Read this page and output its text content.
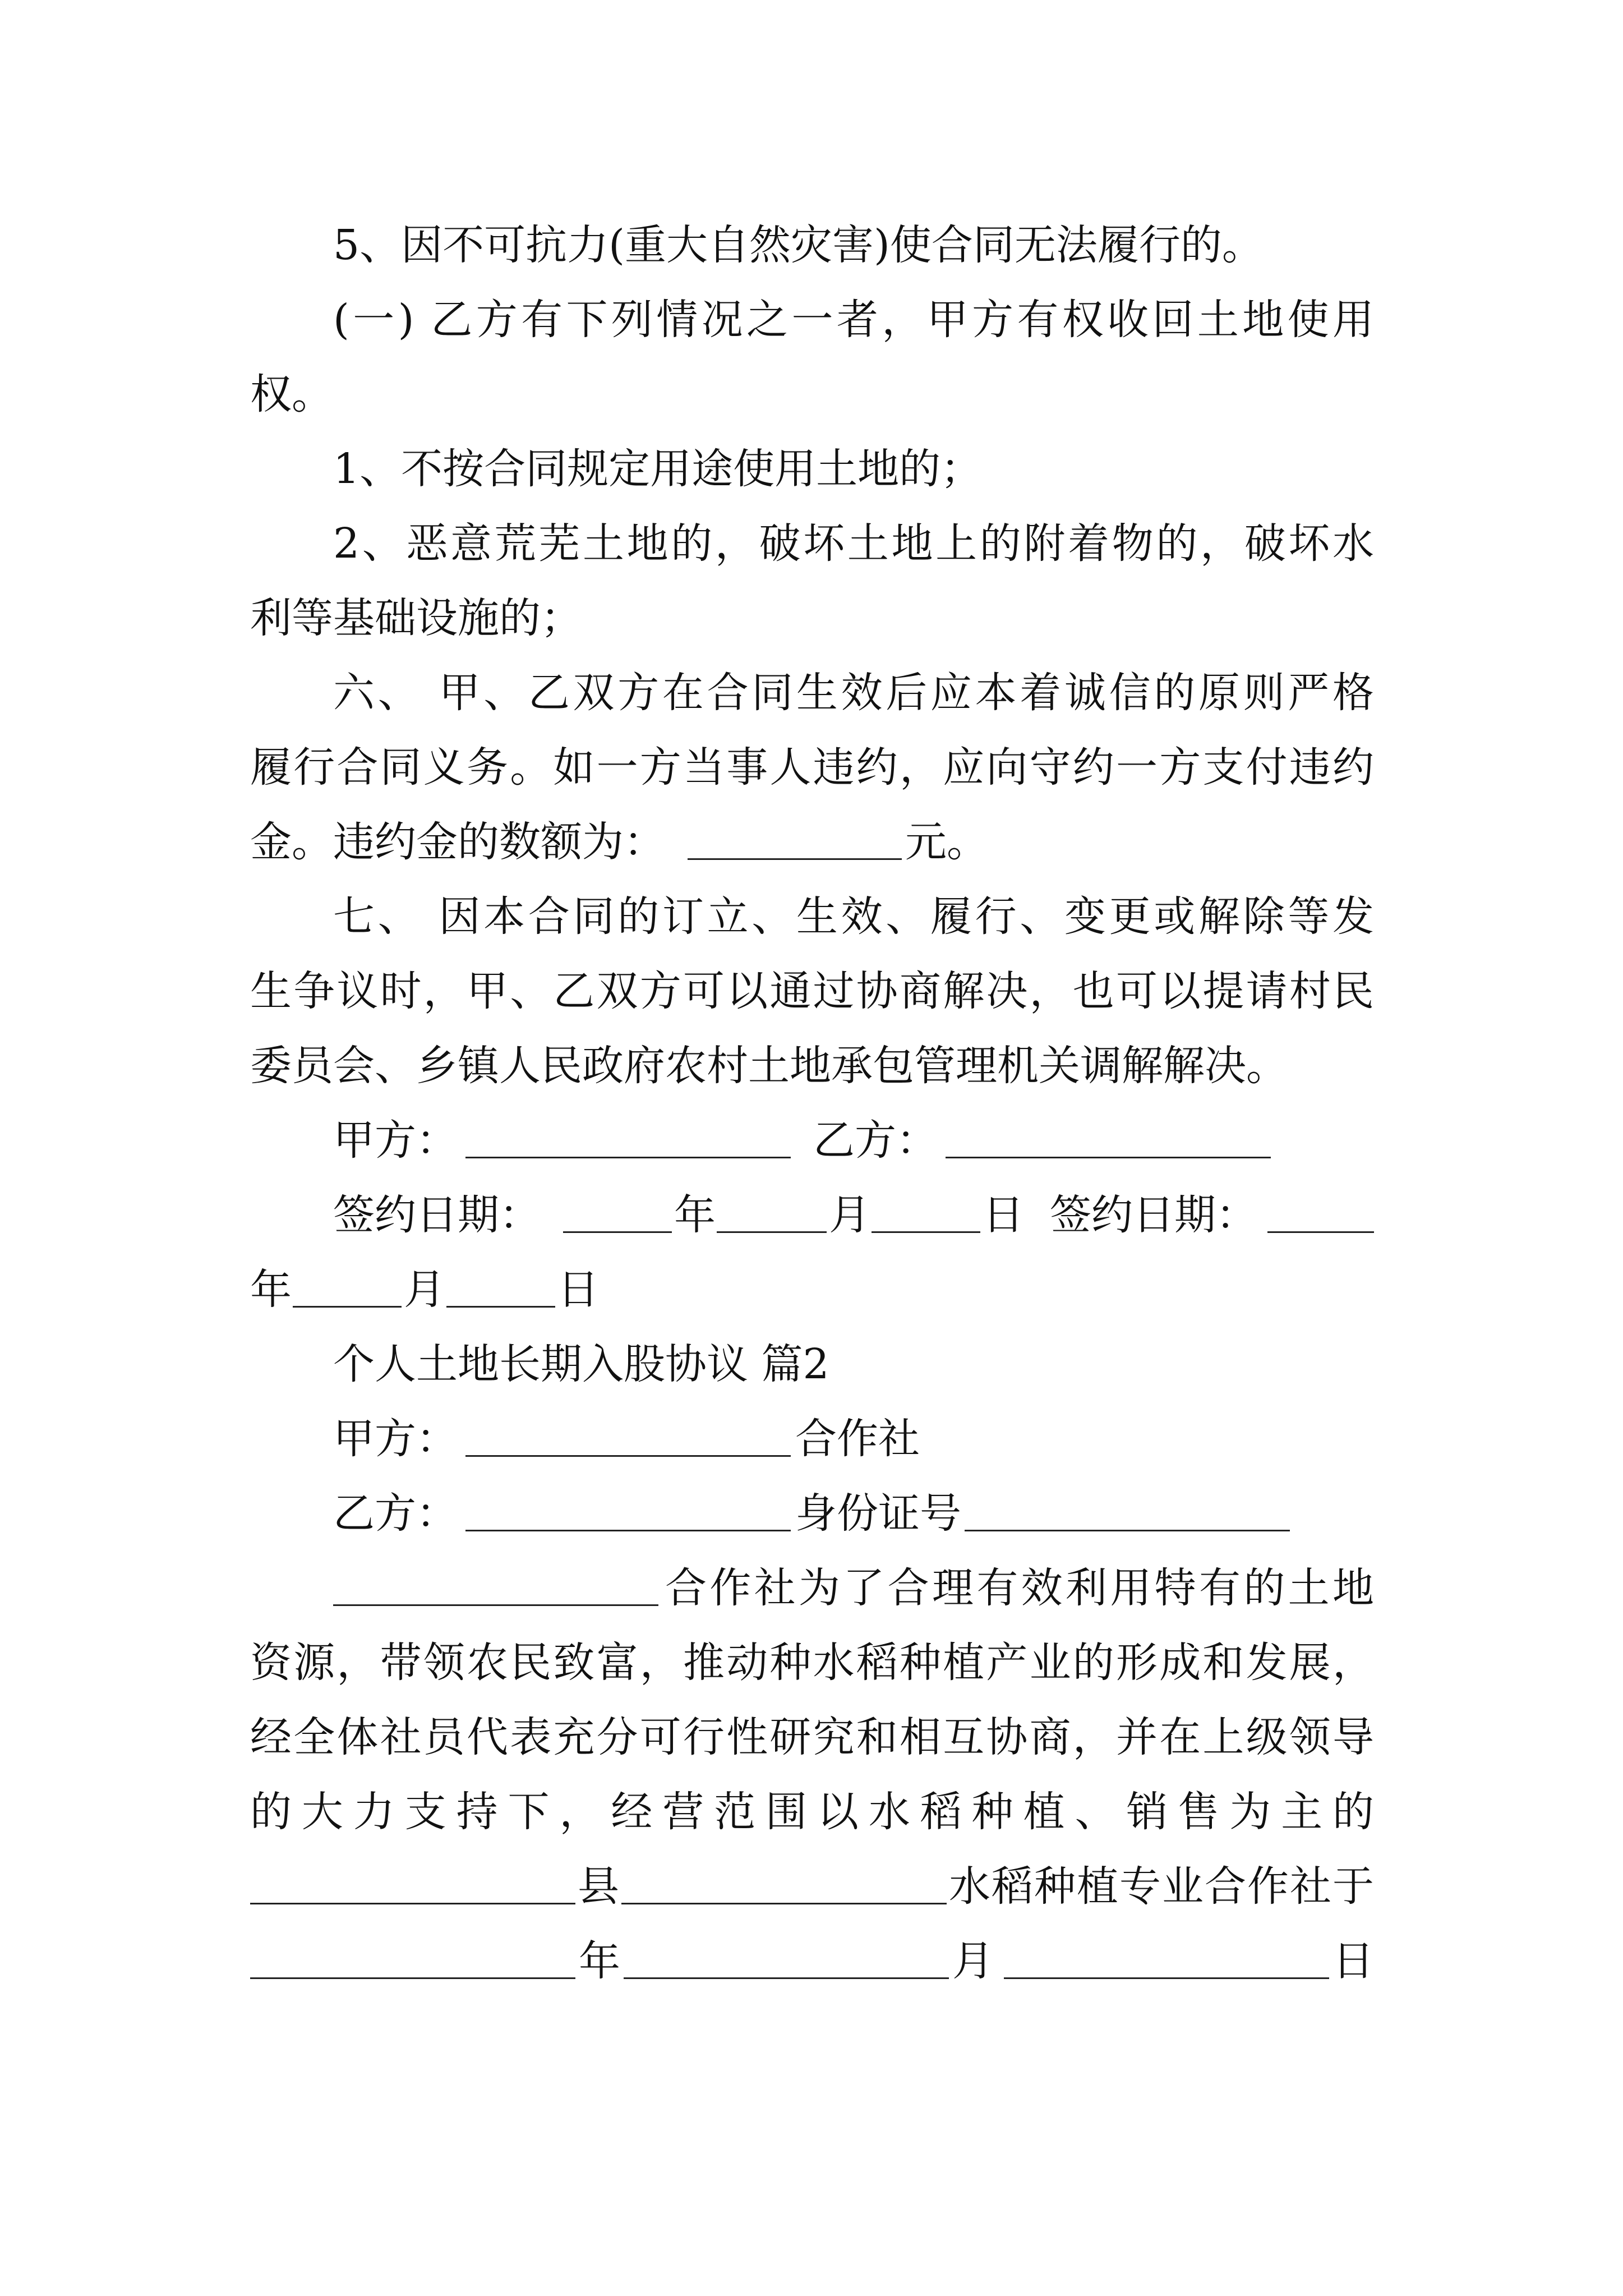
5、因不可抗力(重大自然灾害)使合同无法履行的。
(一) 乙方有下列情况之一者，甲方有权收回土地使用
权。
1、不按合同规定用途使用土地的；
2、恶意荒芜土地的，破坏土地上的附着物的，破坏水
利等基础设施的；
六、 甲、乙双方在合同生效后应本着诚信的原则严格
履行合同义务。如一方当事人违约，应向守约一方支付违约
金。违约金的数额为：	元。
七、 因本合同的订立、生效、履行、变更或解除等发
生争议时，甲、乙双方可以通过协商解决，也可以提请村民
委员会、乡镇人民政府农村土地承包管理机关调解解决。
甲方：	乙方：
签约日期：	年	月	日 签约日期：
年	月	日
个人土地长期入股协议 篇2
甲方：	合作社
乙方：	身份证号
合作社为了合理有效利用特有的土地
资源，带领农民致富，推动种水稻种植产业的形成和发展，
经全体社员代表充分可行性研究和相互协商，并在上级领导
的大力支持下，经营范围以水稻种植、销售为主的
县	水稻种植专业合作社于
年	月	日
